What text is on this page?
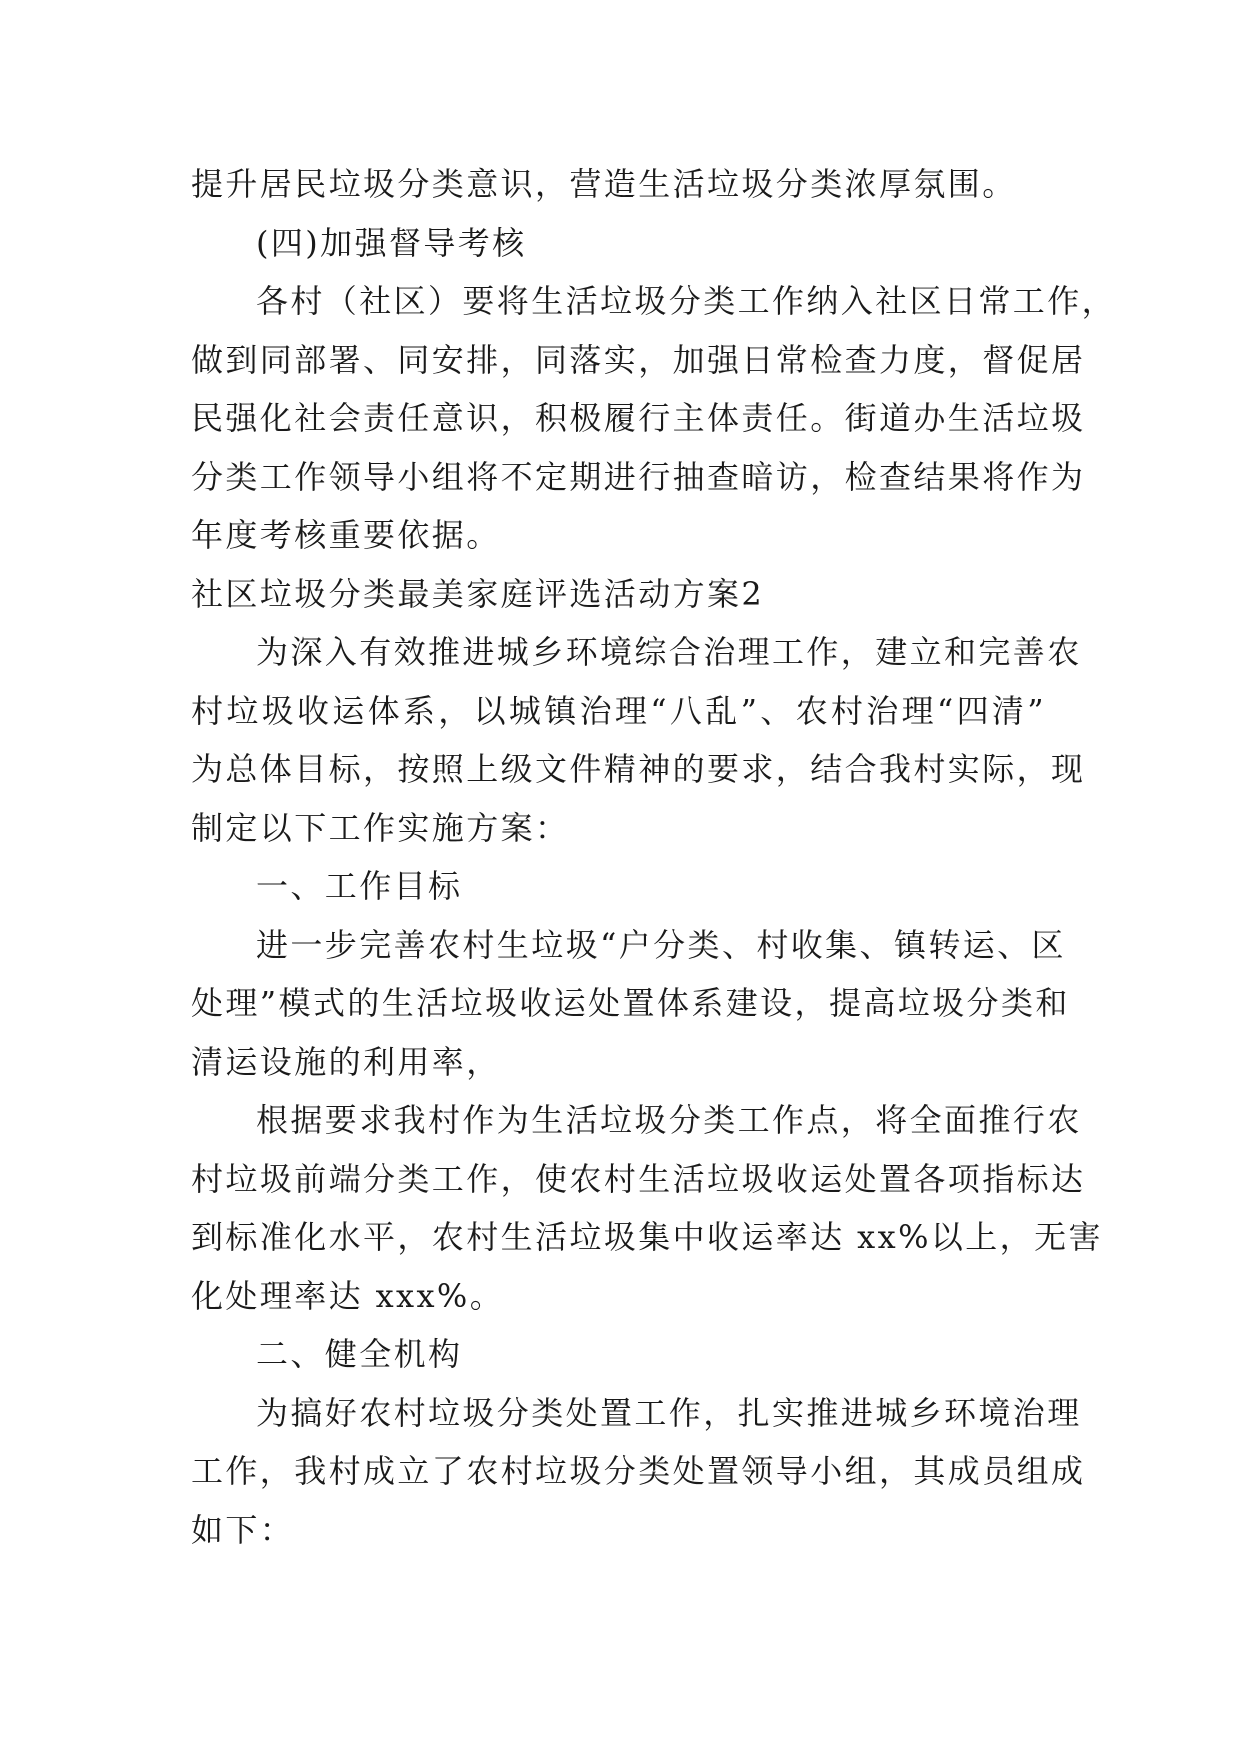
提升居民垃圾分类意识，营造生活垃圾分类浓厚氛围。
(四)加强督导考核
各村（社区）要将生活垃圾分类工作纳入社区日常工作，
做到同部署、同安排，同落实，加强日常检查力度，督促居
民强化社会责任意识，积极履行主体责任。街道办生活垃圾
分类工作领导小组将不定期进行抽查暗访，检查结果将作为
年度考核重要依据。
社区垃圾分类最美家庭评选活动方案2
为深入有效推进城乡环境综合治理工作，建立和完善农
村垃圾收运体系，以城镇治理“八乱”、农村治理“四清”
为总体目标，按照上级文件精神的要求，结合我村实际，现
制定以下工作实施方案：
一、工作目标
进一步完善农村生垃圾“户分类、村收集、镇转运、区
处理”模式的生活垃圾收运处置体系建设，提高垃圾分类和
清运设施的利用率，
根据要求我村作为生活垃圾分类工作点，将全面推行农
村垃圾前端分类工作，使农村生活垃圾收运处置各项指标达
到标准化水平，农村生活垃圾集中收运率达 xx%以上，无害
化处理率达 xxx%。
二、健全机构
为搞好农村垃圾分类处置工作，扎实推进城乡环境治理
工作，我村成立了农村垃圾分类处置领导小组，其成员组成
如下：
